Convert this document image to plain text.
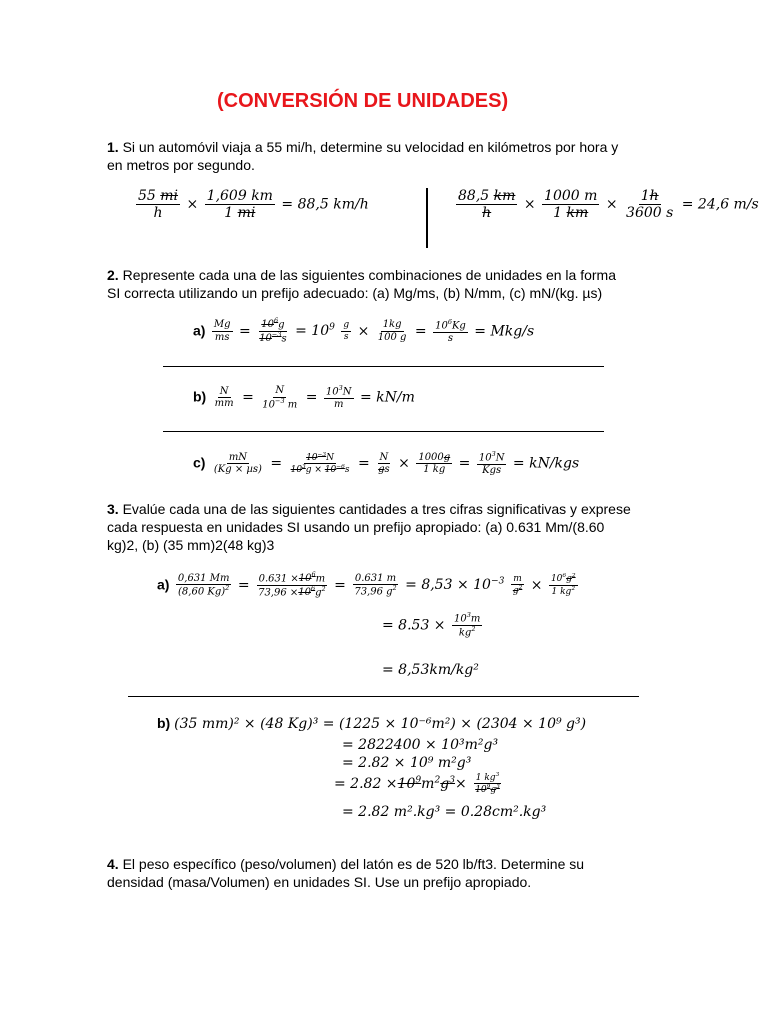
(CONVERSIÓN DE UNIDADES)
1. Si un automóvil viaja a 55 mi/h, determine su velocidad en kilómetros por hora y en metros por segundo.
$\frac{55 mi}{h} \times \frac{1,609 km}{1 mi} = 88,5$ km/h	$\frac{88,5 km}{h} \times \frac{1000 m}{1 km} \times \frac{1h}{3600 s} = 24,6$ m/s
2. Represente cada una de las siguientes combinaciones de unidades en la forma
SI correcta utilizando un prefijo adecuado: (a) Mg/ms, (b) N/mm, (c) mN/(kg. µs)
$a) \frac{Mg}{ms} = \frac{10^6g}{10^{-3}s} = 10^9 \frac{g}{s} \times \frac{1kg}{100 g} = \frac{10^6Kg}{s} = Mkg/s$
$b) \frac{N}{mm} = \frac{N}{10^{-3} m} = \frac{10^3N}{m} = kN/m$
$c) \frac{mN}{\text{(Kg × µs)}} = \frac{10^{-3}N}{10^3g \times 10^{-6}s} = \frac{N}{gs} \times \frac{1000g}{1 kg} = \frac{10^3N}{\text{Kgs}} = kN/kgs$
3. Evalúe cada una de las siguientes cantidades a tres cifras significativas y exprese cada respuesta en unidades SI usando un prefijo apropiado: (a) 0.631 Mm/(8.60 kg)2, (b) (35 mm)2(48 kg)3
$a) \frac{0,631 Mm}{(8,60 Kg)^2} = \frac{0.631 \times 10^6m}{73,96 \times 10^6g^2} = \frac{0.631 m}{73,96 g^2} = 8,53 \times 10^{-3} \frac{m}{g^2} \times \frac{10^6g^2}{1 kg^2}$
= $8.53 \times \frac{10^3m}{kg^2}$
= 8,53km/kg²
b) (35 mm)² × (48 Kg)³ = (1225 × 10⁻⁶m²) × (2304 × 10⁹ g³)
= 2822400 × 10³m²g³
= 2.82 × 10⁹ m²g³
= $2.82 \times 10^9m^2g^3\times \frac{1 kg^3}{10^9g^3}$
= 2.82 m².kg³ = 0.28cm².kg³
4. El peso específico (peso/volumen) del latón es de 520 lb/ft3. Determine su densidad (masa/Volumen) en unidades SI. Use un prefijo apropiado.
